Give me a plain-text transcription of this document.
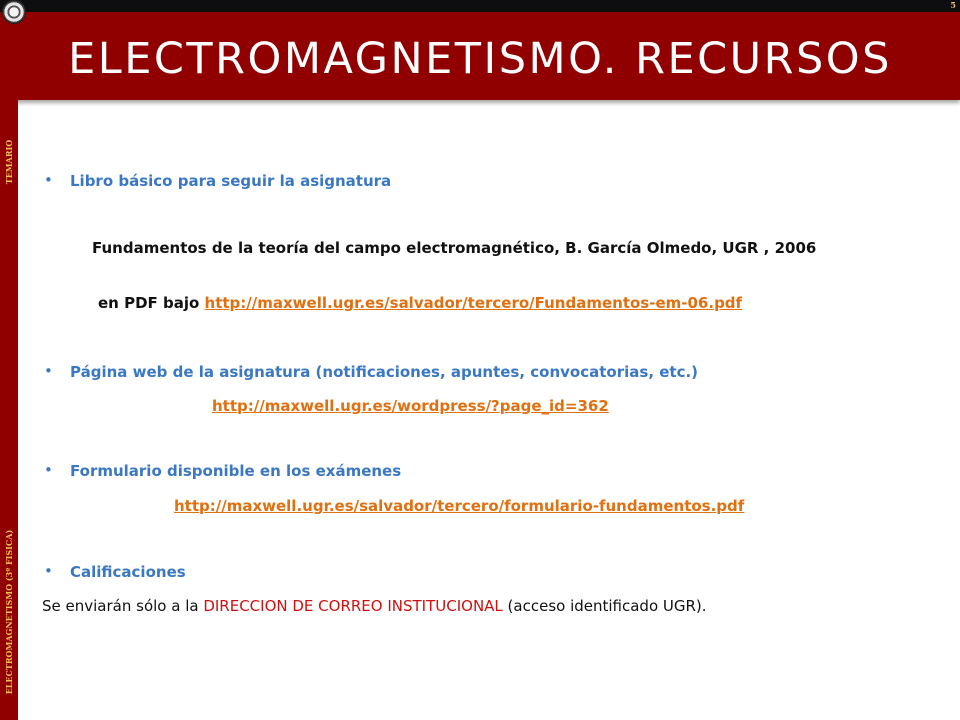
5
ELECTROMAGNETISMO. RECURSOS
TEMARIO
ELECTROMAGNETISMO (3º FISICA)
• Libro básico para seguir la asignatura
Fundamentos de la teoría del campo electromagnético, B. García Olmedo, UGR , 2006
en PDF bajo http://maxwell.ugr.es/salvador/tercero/Fundamentos-em-06.pdf
• Página web de la asignatura (notificaciones, apuntes, convocatorias, etc.)
http://maxwell.ugr.es/wordpress/?page_id=362
• Formulario disponible en los exámenes
http://maxwell.ugr.es/salvador/tercero/formulario-fundamentos.pdf
• Calificaciones
Se enviarán sólo a la DIRECCION DE CORREO INSTITUCIONAL (acceso identificado UGR).
